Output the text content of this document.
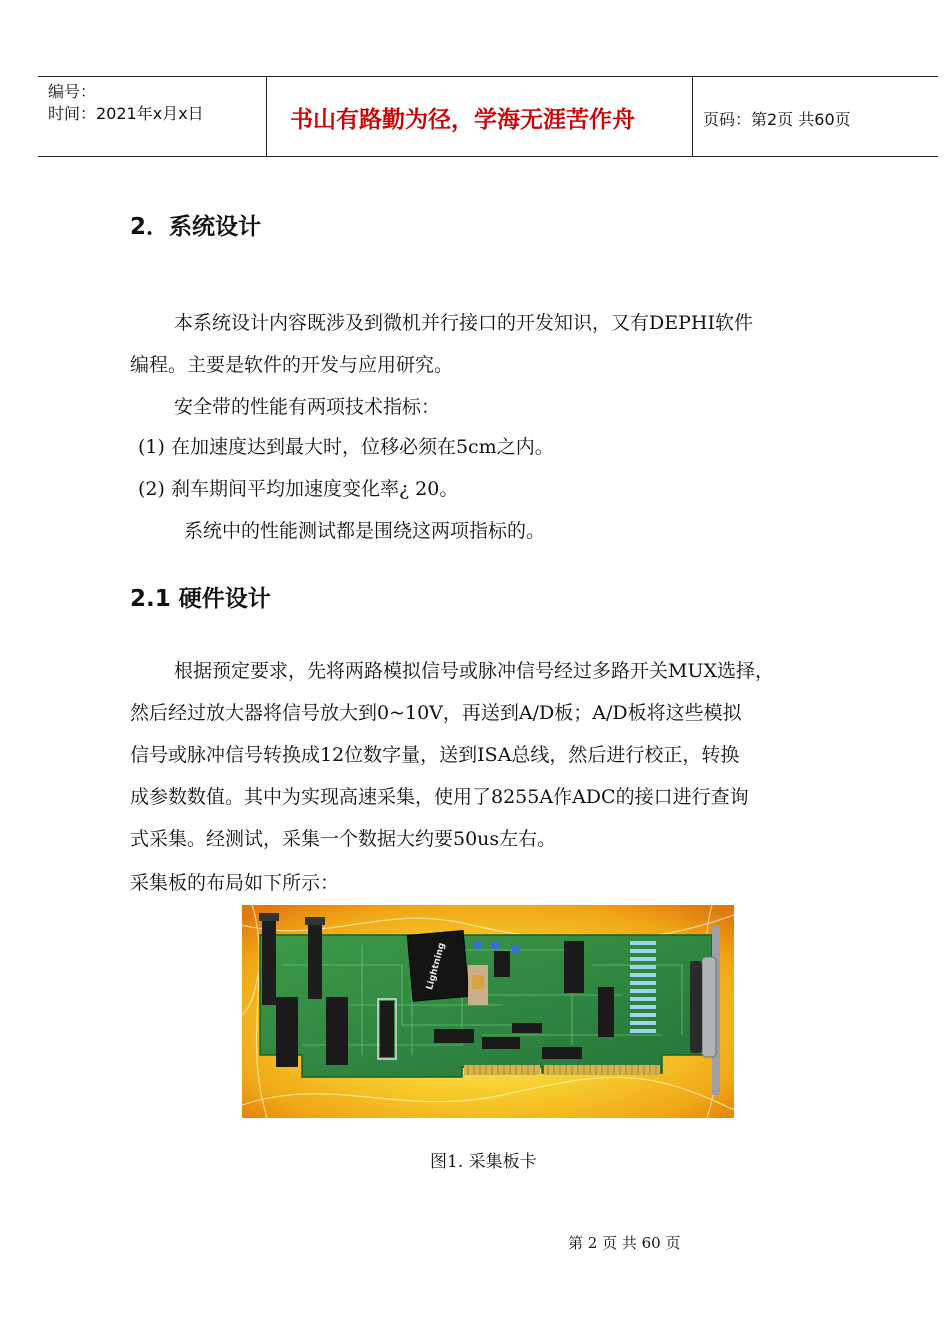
编号：
时间：2021年x月x日	书山有路勤为径，学海无涯苦作舟	页码：第2页 共60页
2．系统设计
本系统设计内容既涉及到微机并行接口的开发知识，又有DEPHI软件
编程。主要是软件的开发与应用研究。
安全带的性能有两项技术指标：
(1) 在加速度达到最大时，位移必须在5cm之内。
(2) 刹车期间平均加速度变化率¿ 20。
系统中的性能测试都是围绕这两项指标的。
2.1 硬件设计
根据预定要求，先将两路模拟信号或脉冲信号经过多路开关MUX选择，
然后经过放大器将信号放大到0~10V，再送到A/D板；A/D板将这些模拟
信号或脉冲信号转换成12位数字量，送到ISA总线，然后进行校正，转换
成参数数值。其中为实现高速采集，使用了8255A作ADC的接口进行查询
式采集。经测试，采集一个数据大约要50us左右。
采集板的布局如下所示：
Lightning
图1. 采集板卡
第 2 页 共 60 页
